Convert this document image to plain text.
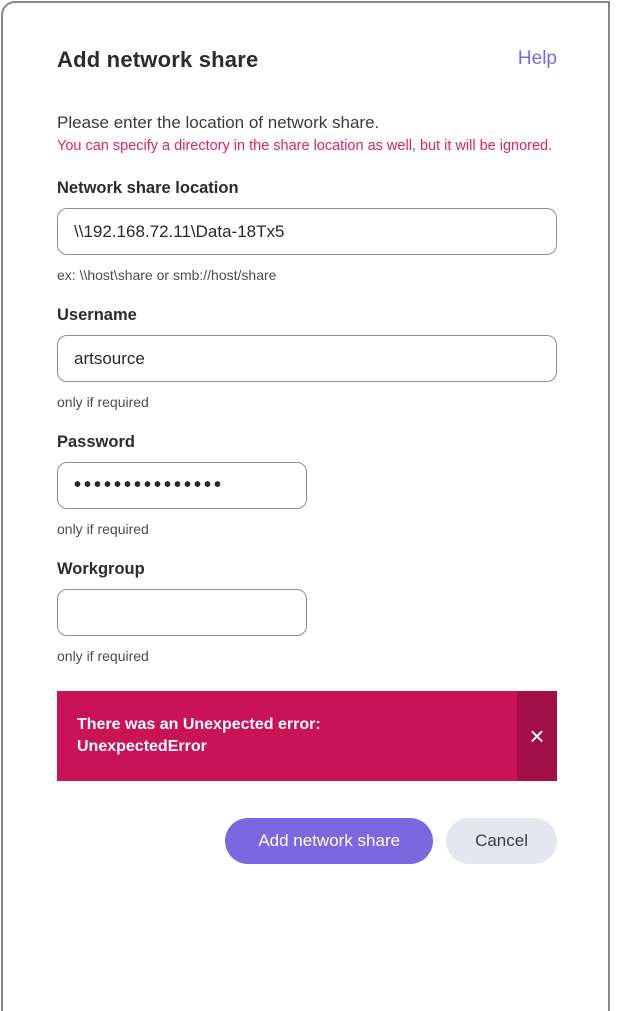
Add network share	Help
Please enter the location of network share.
You can specify a directory in the share location as well, but it will be ignored.
Network share location
\\192.168.72.11\Data-18Tx5
ex: \\host\share or smb://host/share
Username
artsource
only if required
Password
•••••••••••••••
only if required
Workgroup
only if required
There was an Unexpected error:
UnexpectedError	×
Add network share	Cancel
